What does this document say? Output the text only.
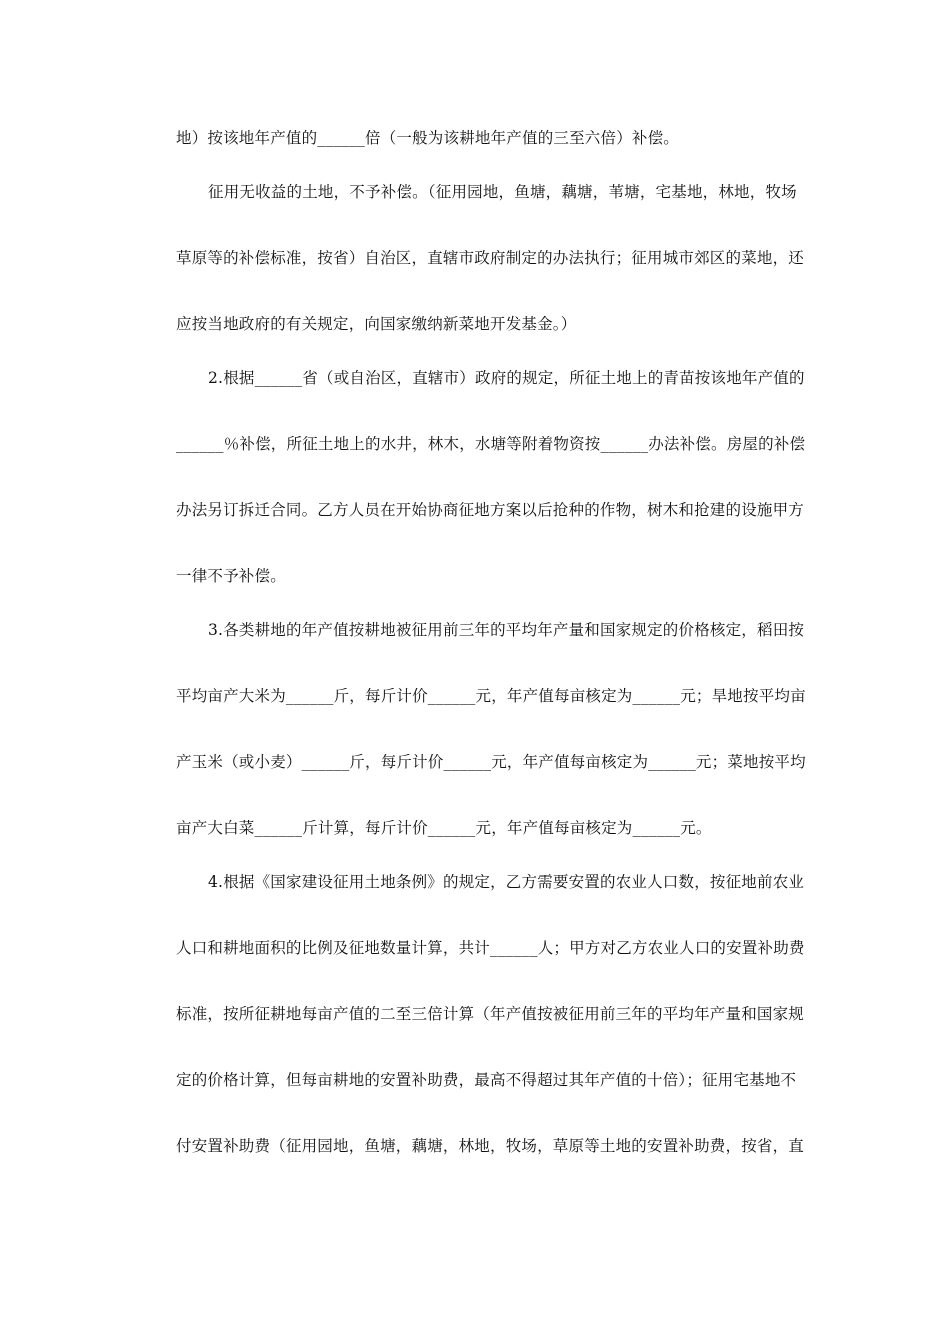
地）按该地年产值的______倍（一般为该耕地年产值的三至六倍）补偿。
征用无收益的土地，不予补偿。（征用园地，鱼塘，藕塘，苇塘，宅基地，林地，牧场
草原等的补偿标准，按省）自治区，直辖市政府制定的办法执行；征用城市郊区的菜地，还
应按当地政府的有关规定，向国家缴纳新菜地开发基金。）
2.根据______省（或自治区，直辖市）政府的规定，所征土地上的青苗按该地年产值的
______％补偿，所征土地上的水井，林木，水塘等附着物资按______办法补偿。房屋的补偿
办法另订拆迁合同。乙方人员在开始协商征地方案以后抢种的作物，树木和抢建的设施甲方
一律不予补偿。
3.各类耕地的年产值按耕地被征用前三年的平均年产量和国家规定的价格核定，稻田按
平均亩产大米为______斤，每斤计价______元，年产值每亩核定为______元；旱地按平均亩
产玉米（或小麦）______斤，每斤计价______元，年产值每亩核定为______元；菜地按平均
亩产大白菜______斤计算，每斤计价______元，年产值每亩核定为______元。
4.根据《国家建设征用土地条例》的规定，乙方需要安置的农业人口数，按征地前农业
人口和耕地面积的比例及征地数量计算，共计______人；甲方对乙方农业人口的安置补助费
标准，按所征耕地每亩产值的二至三倍计算（年产值按被征用前三年的平均年产量和国家规
定的价格计算，但每亩耕地的安置补助费，最高不得超过其年产值的十倍）；征用宅基地不
付安置补助费（征用园地，鱼塘，藕塘，林地，牧场，草原等土地的安置补助费，按省，直
